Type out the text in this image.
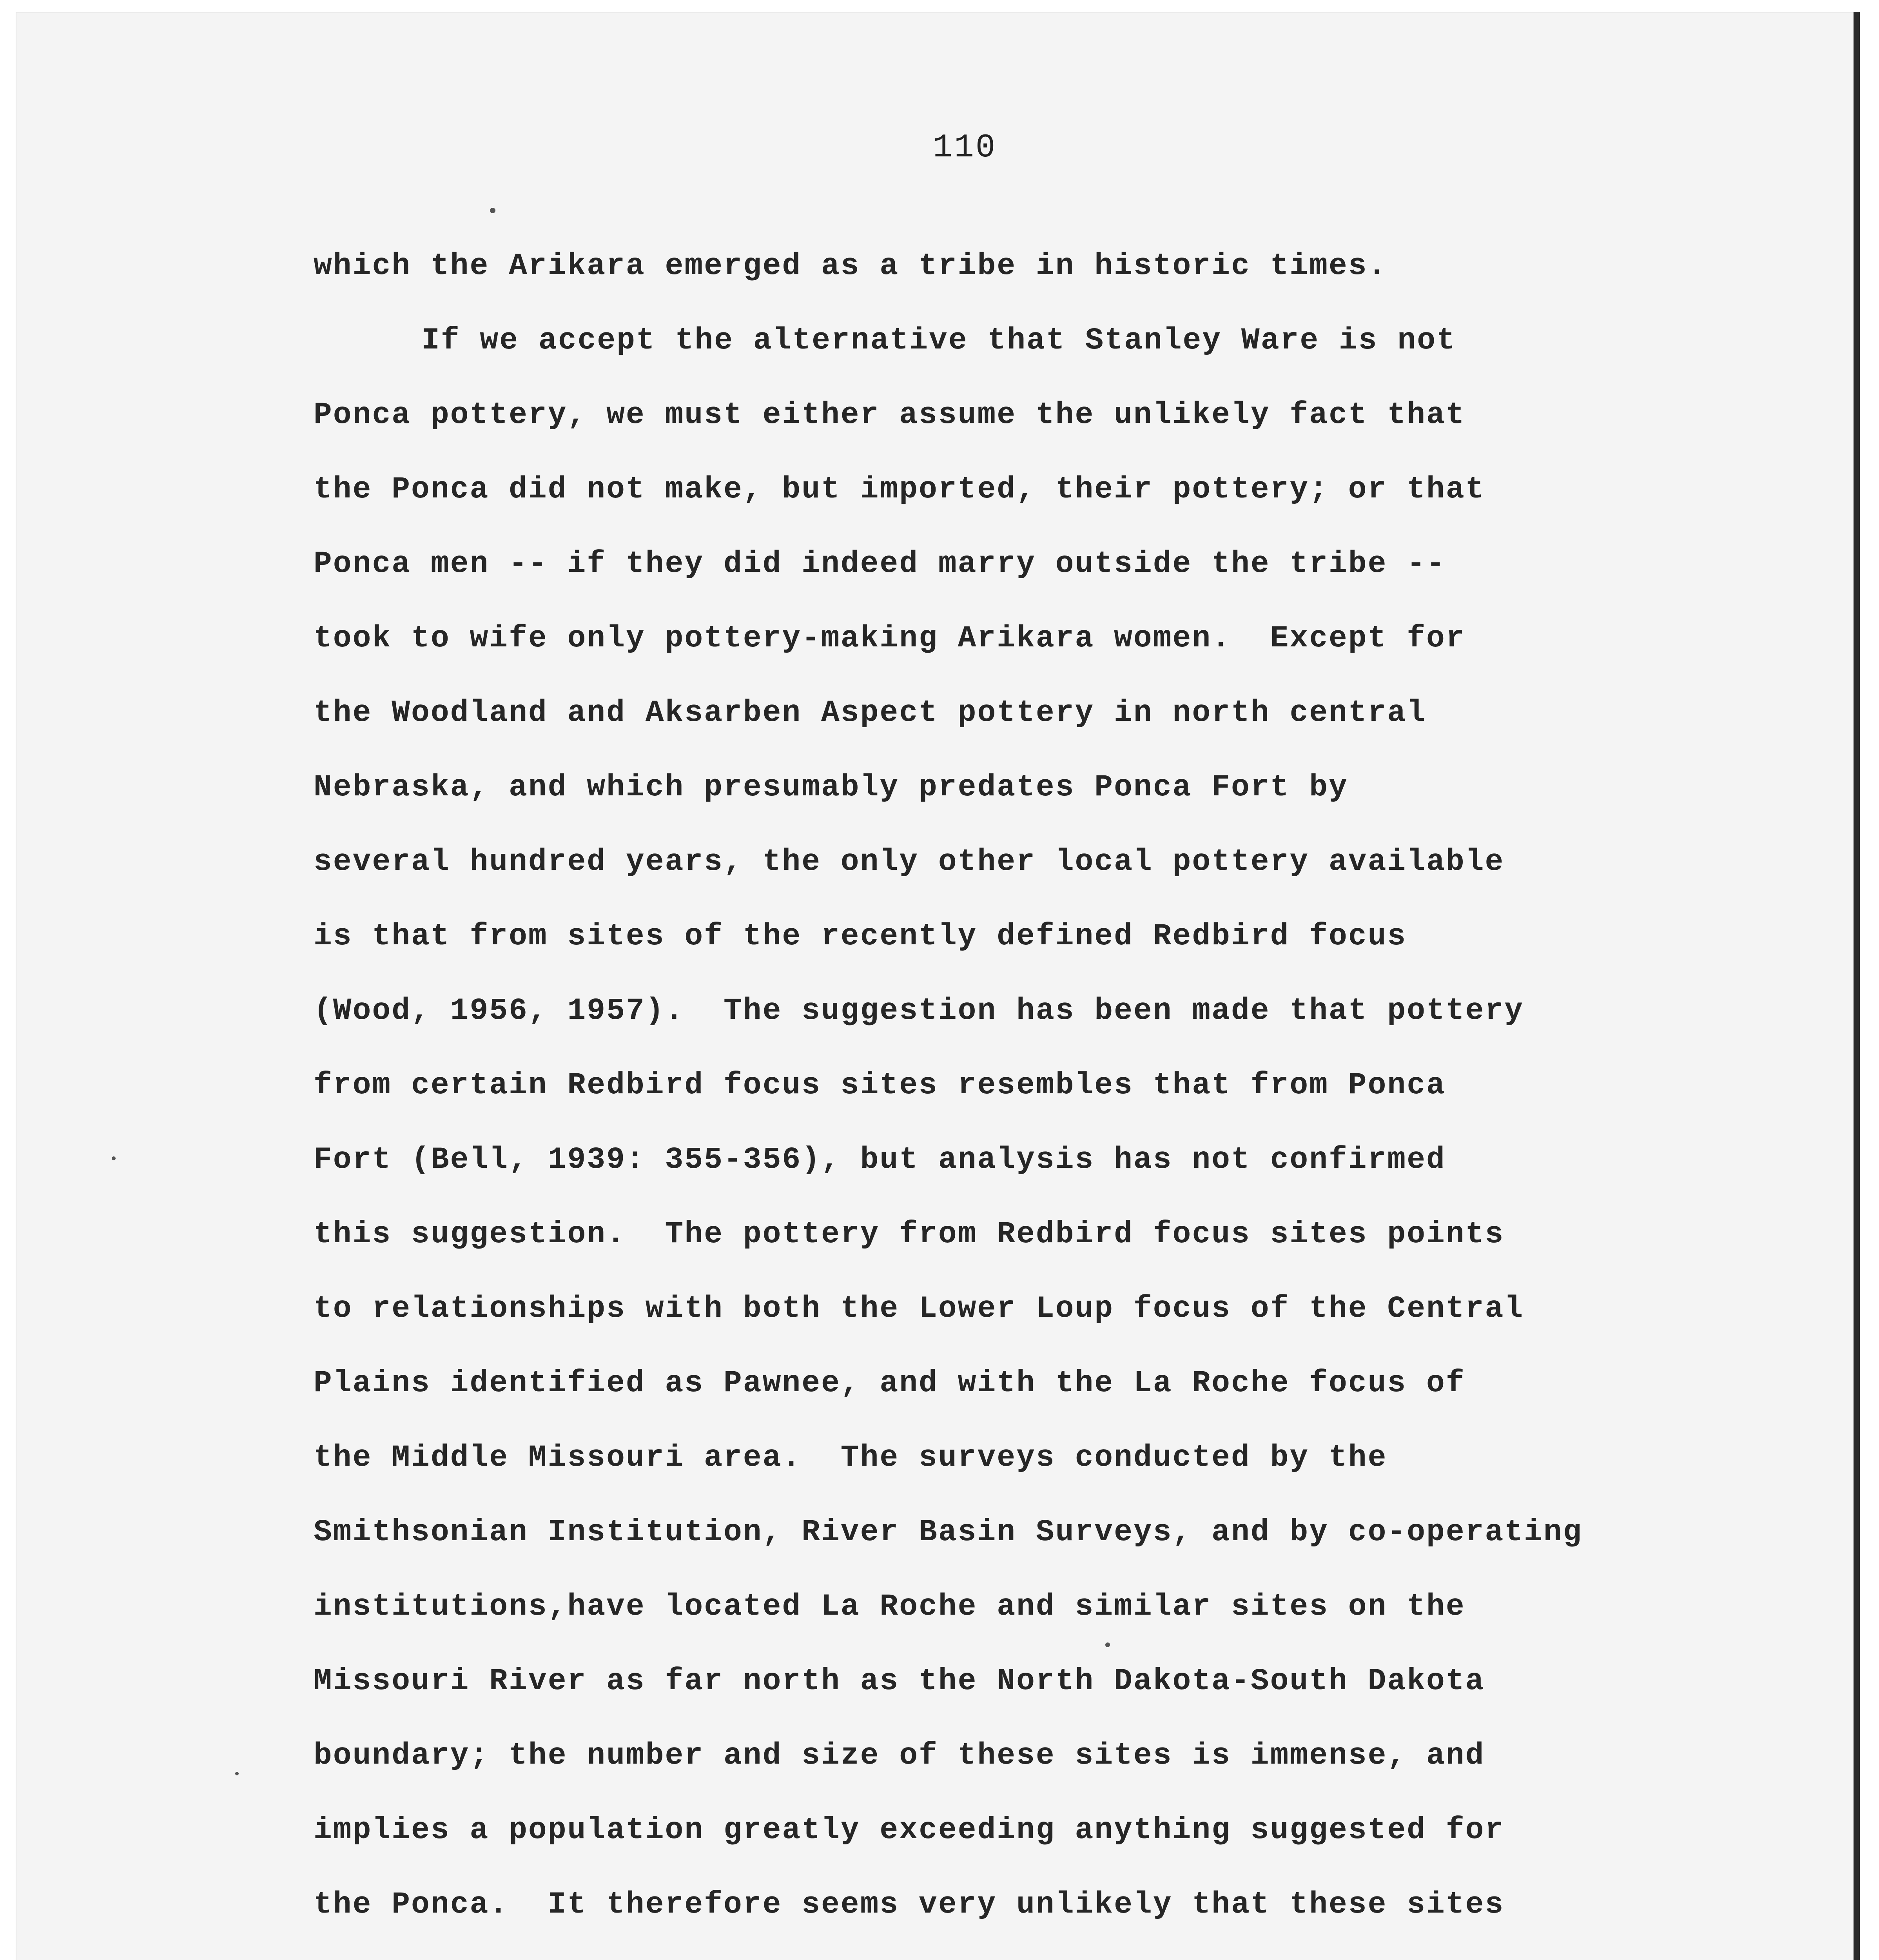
110
which the Arikara emerged as a tribe in historic times.
If we accept the alternative that Stanley Ware is not
Ponca pottery, we must either assume the unlikely fact that
the Ponca did not make, but imported, their pottery; or that
Ponca men -- if they did indeed marry outside the tribe --
took to wife only pottery-making Arikara women.  Except for
the Woodland and Aksarben Aspect pottery in north central
Nebraska, and which presumably predates Ponca Fort by
several hundred years, the only other local pottery available
is that from sites of the recently defined Redbird focus
(Wood, 1956, 1957).  The suggestion has been made that pottery
from certain Redbird focus sites resembles that from Ponca
Fort (Bell, 1939: 355-356), but analysis has not confirmed
this suggestion.  The pottery from Redbird focus sites points
to relationships with both the Lower Loup focus of the Central
Plains identified as Pawnee, and with the La Roche focus of
the Middle Missouri area.  The surveys conducted by the
Smithsonian Institution, River Basin Surveys, and by co-operating
institutions,have located La Roche and similar sites on the
Missouri River as far north as the North Dakota-South Dakota
boundary; the number and size of these sites is immense, and
implies a population greatly exceeding anything suggested for
the Ponca.  It therefore seems very unlikely that these sites
